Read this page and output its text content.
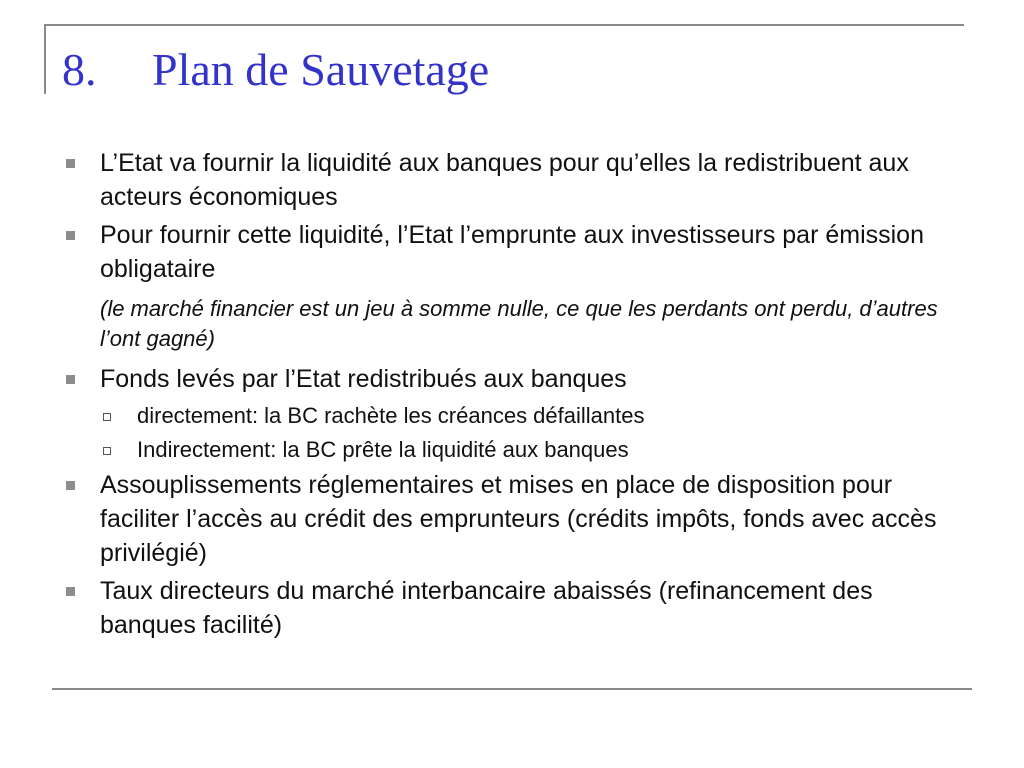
8. Plan de Sauvetage
L’Etat va fournir la liquidité aux banques pour qu’elles la redistribuent aux acteurs économiques
Pour fournir cette liquidité, l’Etat l’emprunte aux investisseurs par émission obligataire
(le marché financier est un jeu à somme nulle, ce que les perdants ont perdu, d’autres l’ont gagné)
Fonds levés par l’Etat redistribués aux banques
directement: la BC rachète les créances défaillantes
Indirectement: la BC prête la liquidité aux banques
Assouplissements réglementaires et mises en place de disposition pour faciliter l’accès au crédit des emprunteurs (crédits impôts, fonds avec accès privilégié)
Taux directeurs du marché interbancaire abaissés (refinancement des banques facilité)
